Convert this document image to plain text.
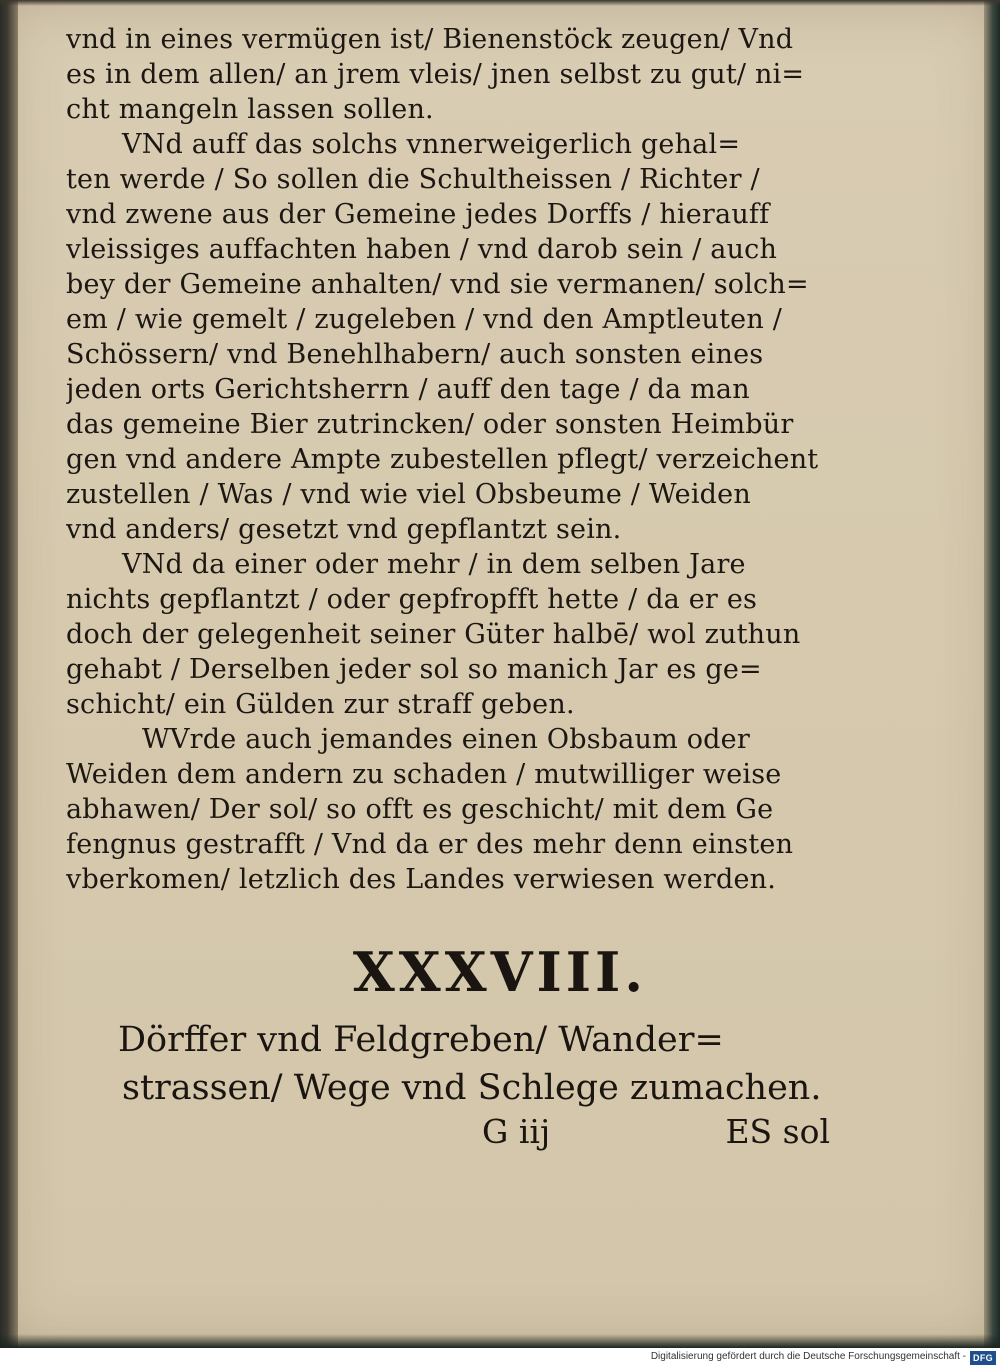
vnd in eines vermügen ist/ Bienenstöck zeugen/ Vnd
es in dem allen/ an jrem vleis/ jnen selbst zu gut/ ni=
cht mangeln lassen sollen.
VNd auff das solchs vnnerweigerlich gehal=
ten werde / So sollen die Schultheissen / Richter /
vnd zwene aus der Gemeine jedes Dorffs / hierauff
vleissiges auffachten haben / vnd darob sein / auch
bey der Gemeine anhalten/ vnd sie vermanen/ solch=
em / wie gemelt / zugeleben / vnd den Amptleuten /
Schössern/ vnd Benehlhabern/ auch sonsten eines
jeden orts Gerichtsherrn / auff den tage / da man
das gemeine Bier zutrincken/ oder sonsten Heimbür
gen vnd andere Ampte zubestellen pflegt/ verzeichent
zustellen / Was / vnd wie viel Obsbeume / Weiden
vnd anders/ gesetzt vnd gepflantzt sein.
VNd da einer oder mehr / in dem selben Jare
nichts gepflantzt / oder gepfropfft hette / da er es
doch der gelegenheit seiner Güter halbē/ wol zuthun
gehabt / Derselben jeder sol so manich Jar es ge=
schicht/ ein Gülden zur straff geben.
WVrde auch jemandes einen Obsbaum oder
Weiden dem andern zu schaden / mutwilliger weise
abhawen/ Der sol/ so offt es geschicht/ mit dem Ge
fengnus gestrafft / Vnd da er des mehr denn einsten
vberkomen/ letzlich des Landes verwiesen werden.
XXXVIII.
Dörffer vnd Feldgreben/ Wander=
strassen/ Wege vnd Schlege zumachen.
G iij	ES sol
Digitalisierung gefördert durch die Deutsche Forschungsgemeinschaft - DFG
